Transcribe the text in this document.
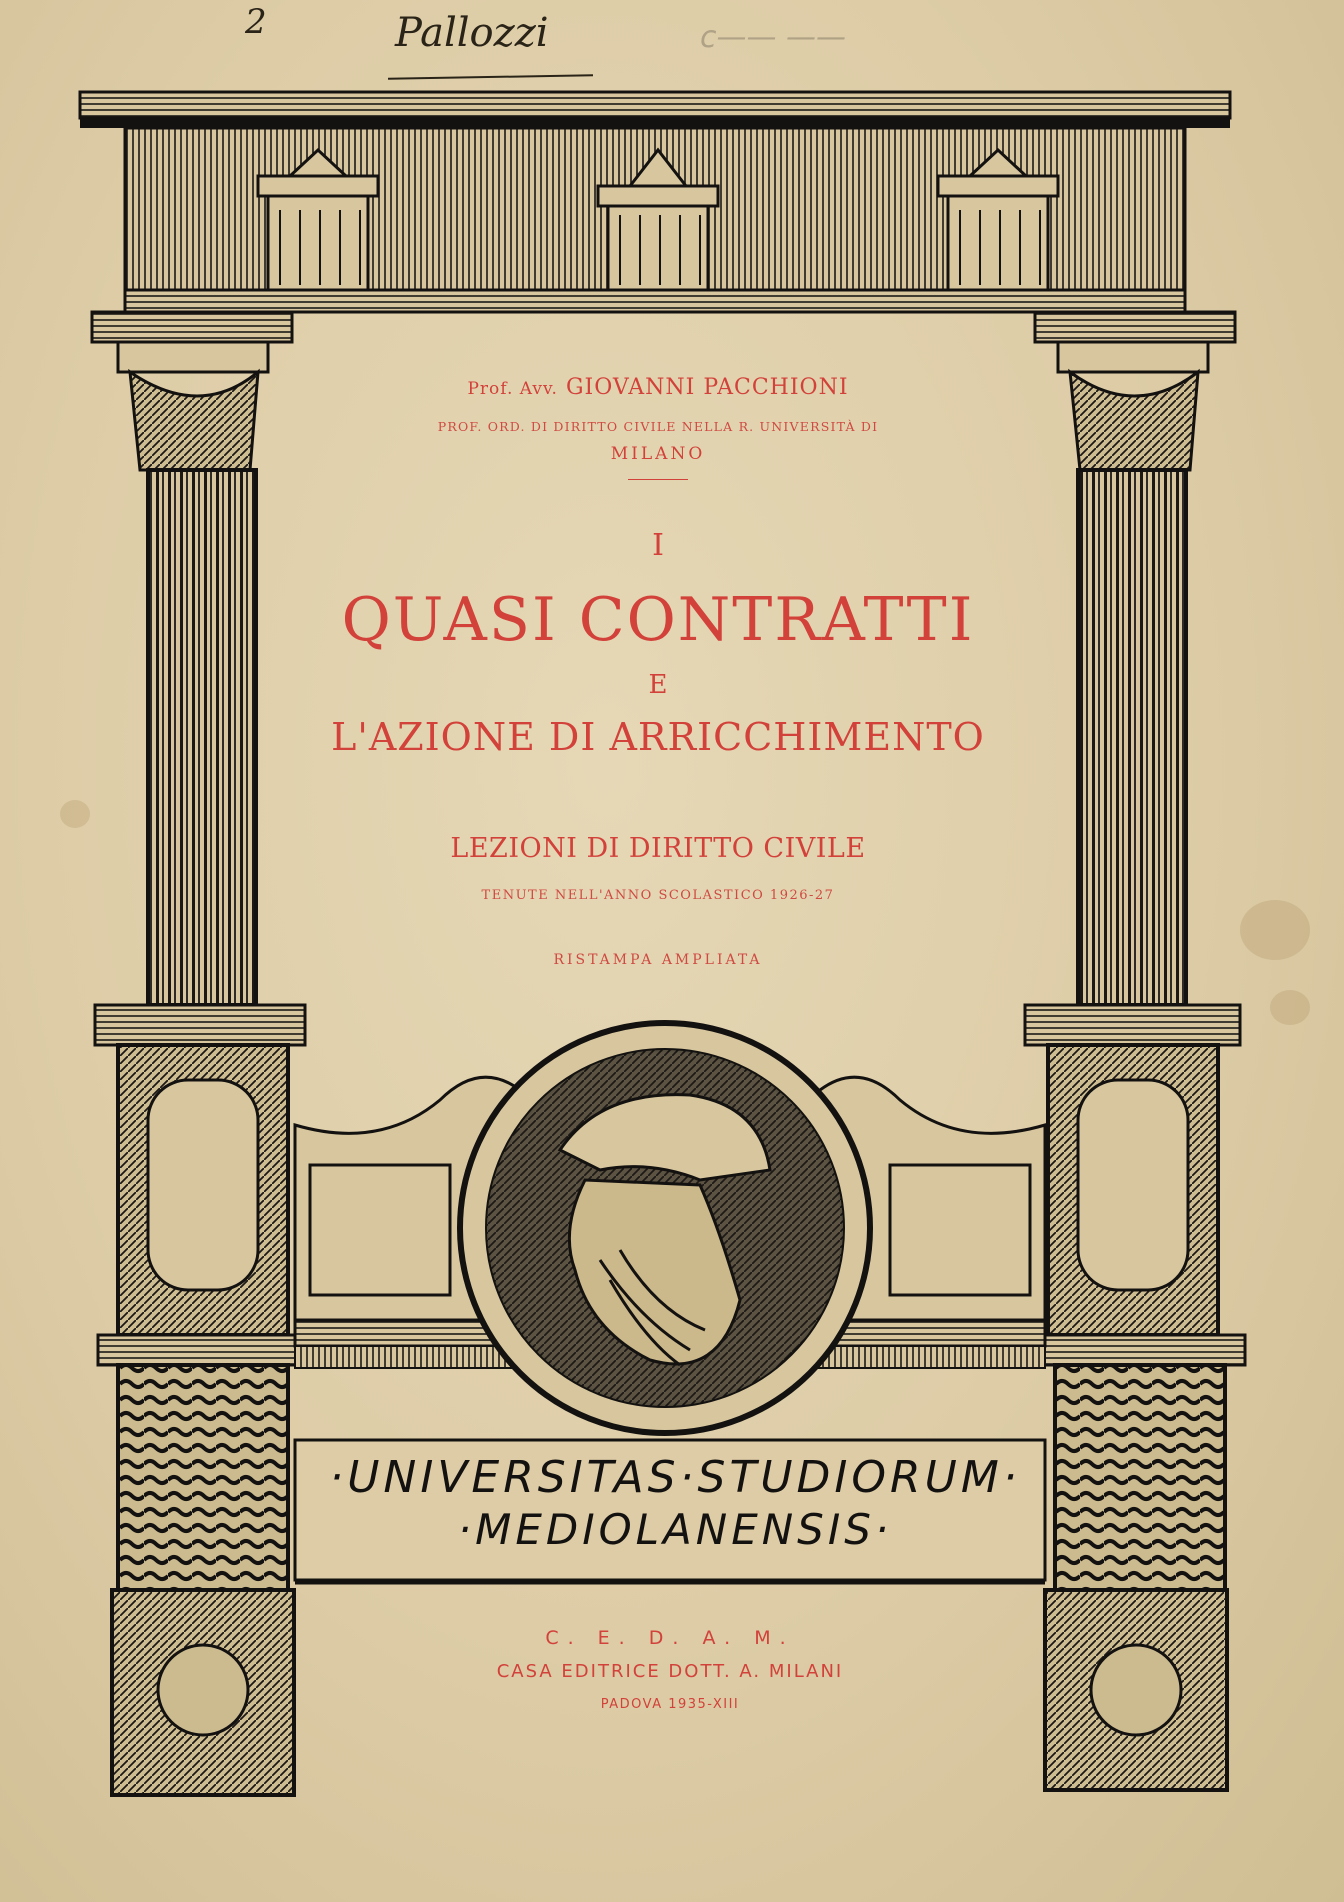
2	Pallozzi	c—— ——
Prof. Avv. GIOVANNI PACCHIONI
PROF. ORD. DI DIRITTO CIVILE NELLA R. UNIVERSITÀ DI
MILANO
I
QUASI CONTRATTI
E
L'AZIONE DI ARRICCHIMENTO
LEZIONI DI DIRITTO CIVILE
TENUTE NELL'ANNO SCOLASTICO 1926-27
RISTAMPA AMPLIATA
·UNIVERSITAS·STUDIORUM·
·MEDIOLANENSIS·
C. E. D. A. M.
CASA EDITRICE DOTT. A. MILANI
PADOVA 1935-XIII
